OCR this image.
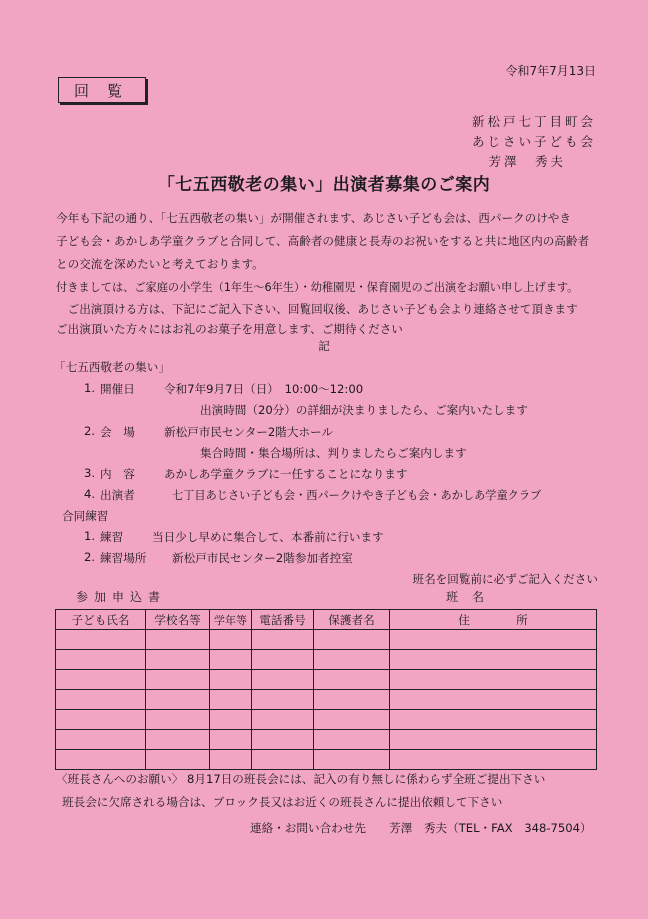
令和7年7月13日
回覧
新松戸七丁目町会
あじさい子ども会
芳澤　秀夫
「七五西敬老の集い」出演者募集のご案内
今年も下記の通り、「七五西敬老の集い」が開催されます、あじさい子ども会は、西パークのけやき
子ども会・あかしあ学童クラブと合同して、高齢者の健康と長寿のお祝いをすると共に地区内の高齢者
との交流を深めたいと考えております。
付きましては、ご家庭の小学生（1年生～6年生）・幼稚園児・保育園児のご出演をお願い申し上げます。
　ご出演頂ける方は、下記にご記入下さい、回覧回収後、あじさい子ども会より連絡させて頂きます
ご出演頂いた方々にはお礼のお菓子を用意します、ご期待ください
記
「七五西敬老の集い」
1. 開催日	令和7年9月7日（日）　10:00～12:00
出演時間（20分）の詳細が決まりましたら、ご案内いたします
2. 会　場	新松戸市民センター2階大ホール
集合時間・集合場所は、判りましたらご案内します
3. 内　容	あかしあ学童クラブに一任することになります
4. 出演者	七丁目あじさい子ども会・西パークけやき子ども会・あかしあ学童クラブ
合同練習
1. 練習 当日少し早めに集合して、本番前に行います
2. 練習場所 新松戸市民センター2階参加者控室
班名を回覧前に必ずご記入ください
参加申込書	班名
子ども氏名	学校名等	学年等	電話番号	保護者名	住　　　　所

〈班長さんへのお願い〉 8月17日の班長会には、記入の有り無しに係わらず全班ご提出下さい
班長会に欠席される場合は、ブロック長又はお近くの班長さんに提出依頼して下さい
連絡・お問い合わせ先　　芳澤　秀夫（TEL・FAX　348-7504）
